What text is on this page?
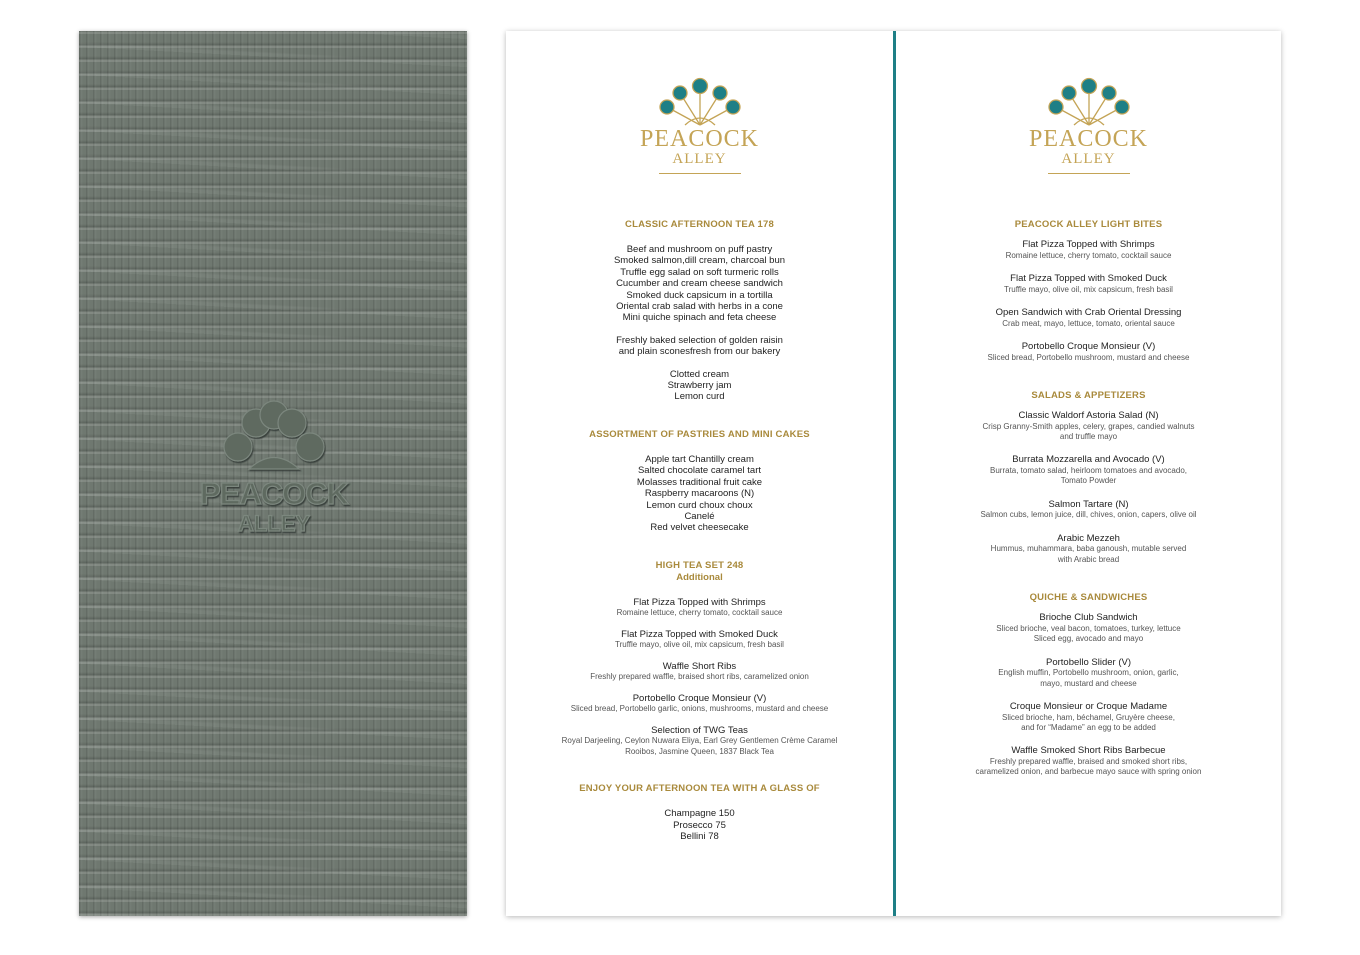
PEACOCK
ALLEY
PEACOCK
ALLEY
CLASSIC AFTERNOON TEA 178
Beef and mushroom on puff pastry
Smoked salmon,dill cream, charcoal bun
Truffle egg salad on soft turmeric rolls
Cucumber and cream cheese sandwich
Smoked duck capsicum in a tortilla
Oriental crab salad with herbs in a cone
Mini quiche spinach and feta cheese
Freshly baked selection of golden raisin
and plain sconesfresh from our bakery
Clotted cream
Strawberry jam
Lemon curd
ASSORTMENT OF PASTRIES AND MINI CAKES
Apple tart Chantilly cream
Salted chocolate caramel tart
Molasses traditional fruit cake
Raspberry macaroons (N)
Lemon curd choux choux
Canelé
Red velvet cheesecake
HIGH TEA SET 248
Additional
Flat Pizza Topped with Shrimps
Romaine lettuce, cherry tomato, cocktail sauce
Flat Pizza Topped with Smoked Duck
Truffle mayo, olive oil, mix capsicum, fresh basil
Waffle Short Ribs
Freshly prepared waffle, braised short ribs, caramelized onion
Portobello Croque Monsieur (V)
Sliced bread, Portobello garlic, onions, mushrooms, mustard and cheese
Selection of TWG Teas
Royal Darjeeling, Ceylon Nuwara Eliya, Earl Grey Gentlemen Crème Caramel
Rooibos, Jasmine Queen, 1837 Black Tea
ENJOY YOUR AFTERNOON TEA WITH A GLASS OF
Champagne 150
Prosecco 75
Bellini 78
PEACOCK
ALLEY
PEACOCK ALLEY LIGHT BITES
Flat Pizza Topped with Shrimps
Romaine lettuce, cherry tomato, cocktail sauce
Flat Pizza Topped with Smoked Duck
Truffle mayo, olive oil, mix capsicum, fresh basil
Open Sandwich with Crab Oriental Dressing
Crab meat, mayo, lettuce, tomato, oriental sauce
Portobello Croque Monsieur (V)
Sliced bread, Portobello mushroom, mustard and cheese
SALADS & APPETIZERS
Classic Waldorf Astoria Salad (N)
Crisp Granny-Smith apples, celery, grapes, candied walnuts
and truffle mayo
Burrata Mozzarella and Avocado (V)
Burrata, tomato salad, heirloom tomatoes and avocado,
Tomato Powder
Salmon Tartare (N)
Salmon cubs, lemon juice, dill, chives, onion, capers, olive oil
Arabic Mezzeh
Hummus, muhammara, baba ganoush, mutable served
with Arabic bread
QUICHE & SANDWICHES
Brioche Club Sandwich
Sliced brioche, veal bacon, tomatoes, turkey, lettuce
Sliced egg, avocado and mayo
Portobello Slider (V)
English muffin, Portobello mushroom, onion, garlic,
mayo, mustard and cheese
Croque Monsieur or Croque Madame
Sliced brioche, ham, béchamel, Gruyère cheese,
and for “Madame” an egg to be added
Waffle Smoked Short Ribs Barbecue
Freshly prepared waffle, braised and smoked short ribs,
caramelized onion, and barbecue mayo sauce with spring onion
